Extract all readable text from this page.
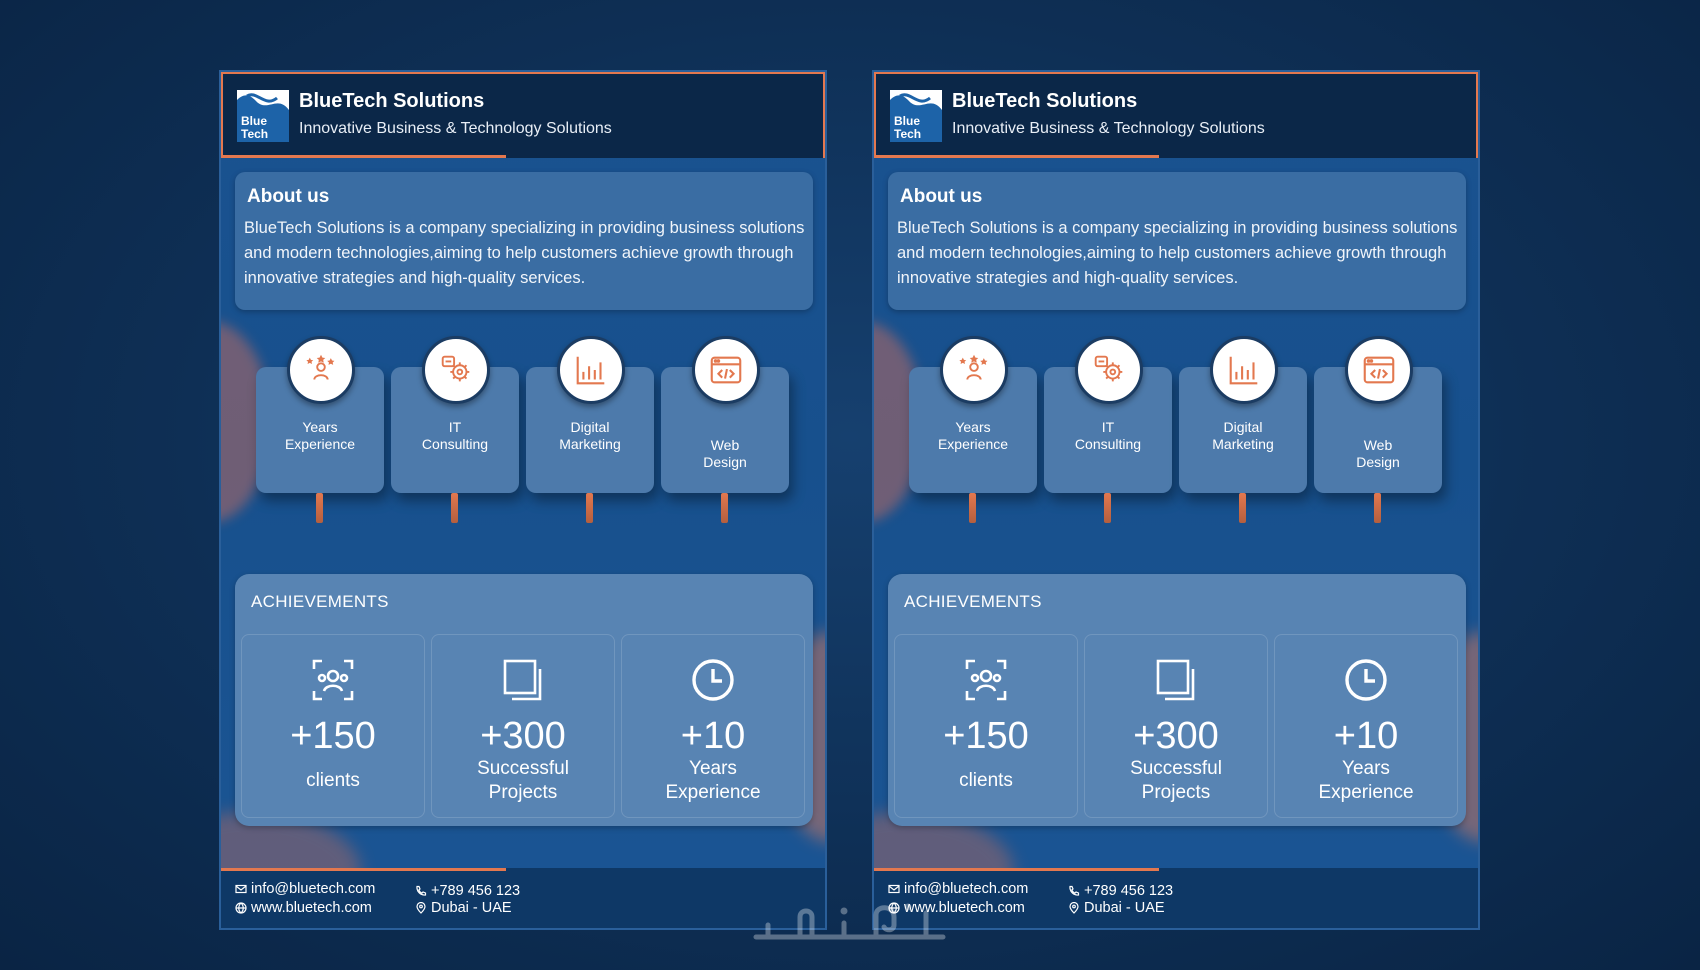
Blue
Tech
BlueTech Solutions
Innovative Business & Technology Solutions
About us

BlueTech Solutions is a company specializing in providing business solutions and modern technologies,aiming to help customers achieve growth through innovative strategies and high-quality services.

Years
Experience
IT
Consulting
Digital
Marketing	Web
Design
ACHIEVEMENTS
+150
clients
+300
Successful
Projects
+10
Years
Experience
info@bluetech.com
www.bluetech.com
+789 456 123
Dubai - UAE
Blue
Tech
BlueTech Solutions
Innovative Business & Technology Solutions
About us

BlueTech Solutions is a company specializing in providing business solutions and modern technologies,aiming to help customers achieve growth through innovative strategies and high-quality services.

Years
Experience
IT
Consulting
Digital
Marketing	Web
Design
ACHIEVEMENTS
+150
clients
+300
Successful
Projects
+10
Years
Experience
info@bluetech.com
www.bluetech.com
+789 456 123
Dubai - UAE
